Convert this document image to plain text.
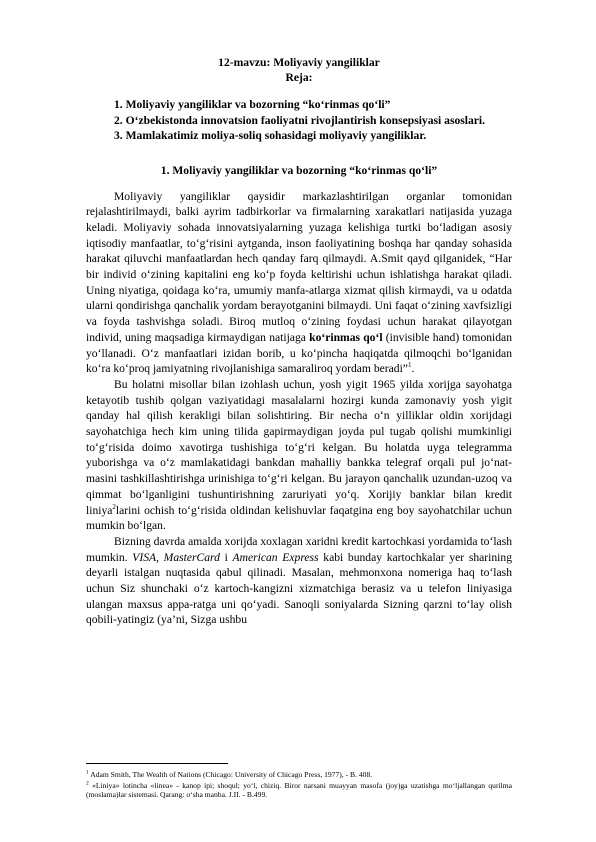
12-mavzu: Moliyaviy yangiliklar

Reja:

1. Moliyaviy yangiliklar va bozorning “ko‘rinmas qo‘li”

2. O‘zbekistonda innovatsion faoliyatni rivojlantirish konsepsiyasi asoslari.

3. Mamlakatimiz moliya-soliq sohasidagi moliyaviy yangiliklar.

1. Moliyaviy yangiliklar va bozorning “ko‘rinmas qo‘li”

Moliyaviy yangiliklar qaysidir markazlashtirilgan organlar tomonidan rejalashtirilmaydi, balki ayrim tadbirkorlar va firmalarning xarakatlari natijasida yuzaga keladi. Moliyaviy sohada innovatsiyalarning yuzaga kelishiga turtki bo‘ladigan asosiy iqtisodiy manfaatlar, to‘g‘risini aytganda, inson faoliyatining boshqa har qanday sohasida harakat qiluvchi manfaatlardan hech qanday farq qilmaydi. A.Smit qayd qilganidek, “Har bir individ o‘zining kapitalini eng ko‘p foyda keltirishi uchun ishlatishga harakat qiladi. Uning niyatiga, qoidaga ko‘ra, umumiy manfa-atlarga xizmat qilish kirmaydi, va u odatda ularni qondirishga qanchalik yordam berayotganini bilmaydi. Uni faqat o‘zining xavfsizligi va foyda tashvishga soladi. Biroq mutloq o‘zining foydasi uchun harakat qilayotgan individ, uning maqsadiga kirmaydigan natijaga ko‘rinmas qo‘l (invisible hand) tomonidan yo‘llanadi. O‘z manfaatlari izidan borib, u ko‘pincha haqiqatda qilmoqchi bo‘lganidan ko‘ra ko‘proq jamiyatning rivojlanishiga samaraliroq yordam beradi”$^1$.

Bu holatni misollar bilan izohlash uchun, yosh yigit 1965 yilda xorijga sayohatga ketayotib tushib qolgan vaziyatidagi masalalarni hozirgi kunda zamonaviy yosh yigit qanday hal qilish kerakligi bilan solishtiring. Bir necha o‘n yilliklar oldin xorijdagi sayohatchiga hech kim uning tilida gapirmaydigan joyda pul tugab qolishi mumkinligi to‘g‘risida doimo xavotirga tushishiga to‘g‘ri kelgan. Bu holatda uyga telegramma yuborishga va o‘z mamlakatidagi bankdan mahalliy bankka telegraf orqali pul jo‘nat-masini tashkillashtirishga urinishiga to‘g‘ri kelgan. Bu jarayon qanchalik uzundan-uzoq va qimmat bo‘lganligini tushuntirishning zaruriyati yo‘q. Xorijiy banklar bilan kredit liniya$^2$larini ochish to‘g‘risida oldindan kelishuvlar faqatgina eng boy sayohatchilar uchun mumkin bo‘lgan.

Bizning davrda amalda xorijda xoxlagan xaridni kredit kartochkasi yordamida to‘lash mumkin. VISA, MasterCard i American Express kabi bunday kartochkalar yer sharining deyarli istalgan nuqtasida qabul qilinadi. Masalan, mehmonxona nomeriga haq to‘lash uchun Siz shunchaki o‘z kartoch-kangizni xizmatchiga berasiz va u telefon liniyasiga ulangan maxsus appa-ratga uni qo‘yadi. Sanoqli soniyalarda Sizning qarzni to‘lay olish qobili-yatingiz (ya’ni, Sizga ushbu

$^1$ Adam Smith, The Wealth of Nations (Chicago: University of Chicago Press, 1977), - B. 408.

$^2$ «Liniya» lotincha «linea» - kanop ipi; shoqul; yo‘l, chiziq. Biror narsani muayyan masofa (joy)ga uzatishga mo‘ljallangan qurilma (moslama)lar sistemasi. Qarang: o‘sha manba. J.II. - B.499.
